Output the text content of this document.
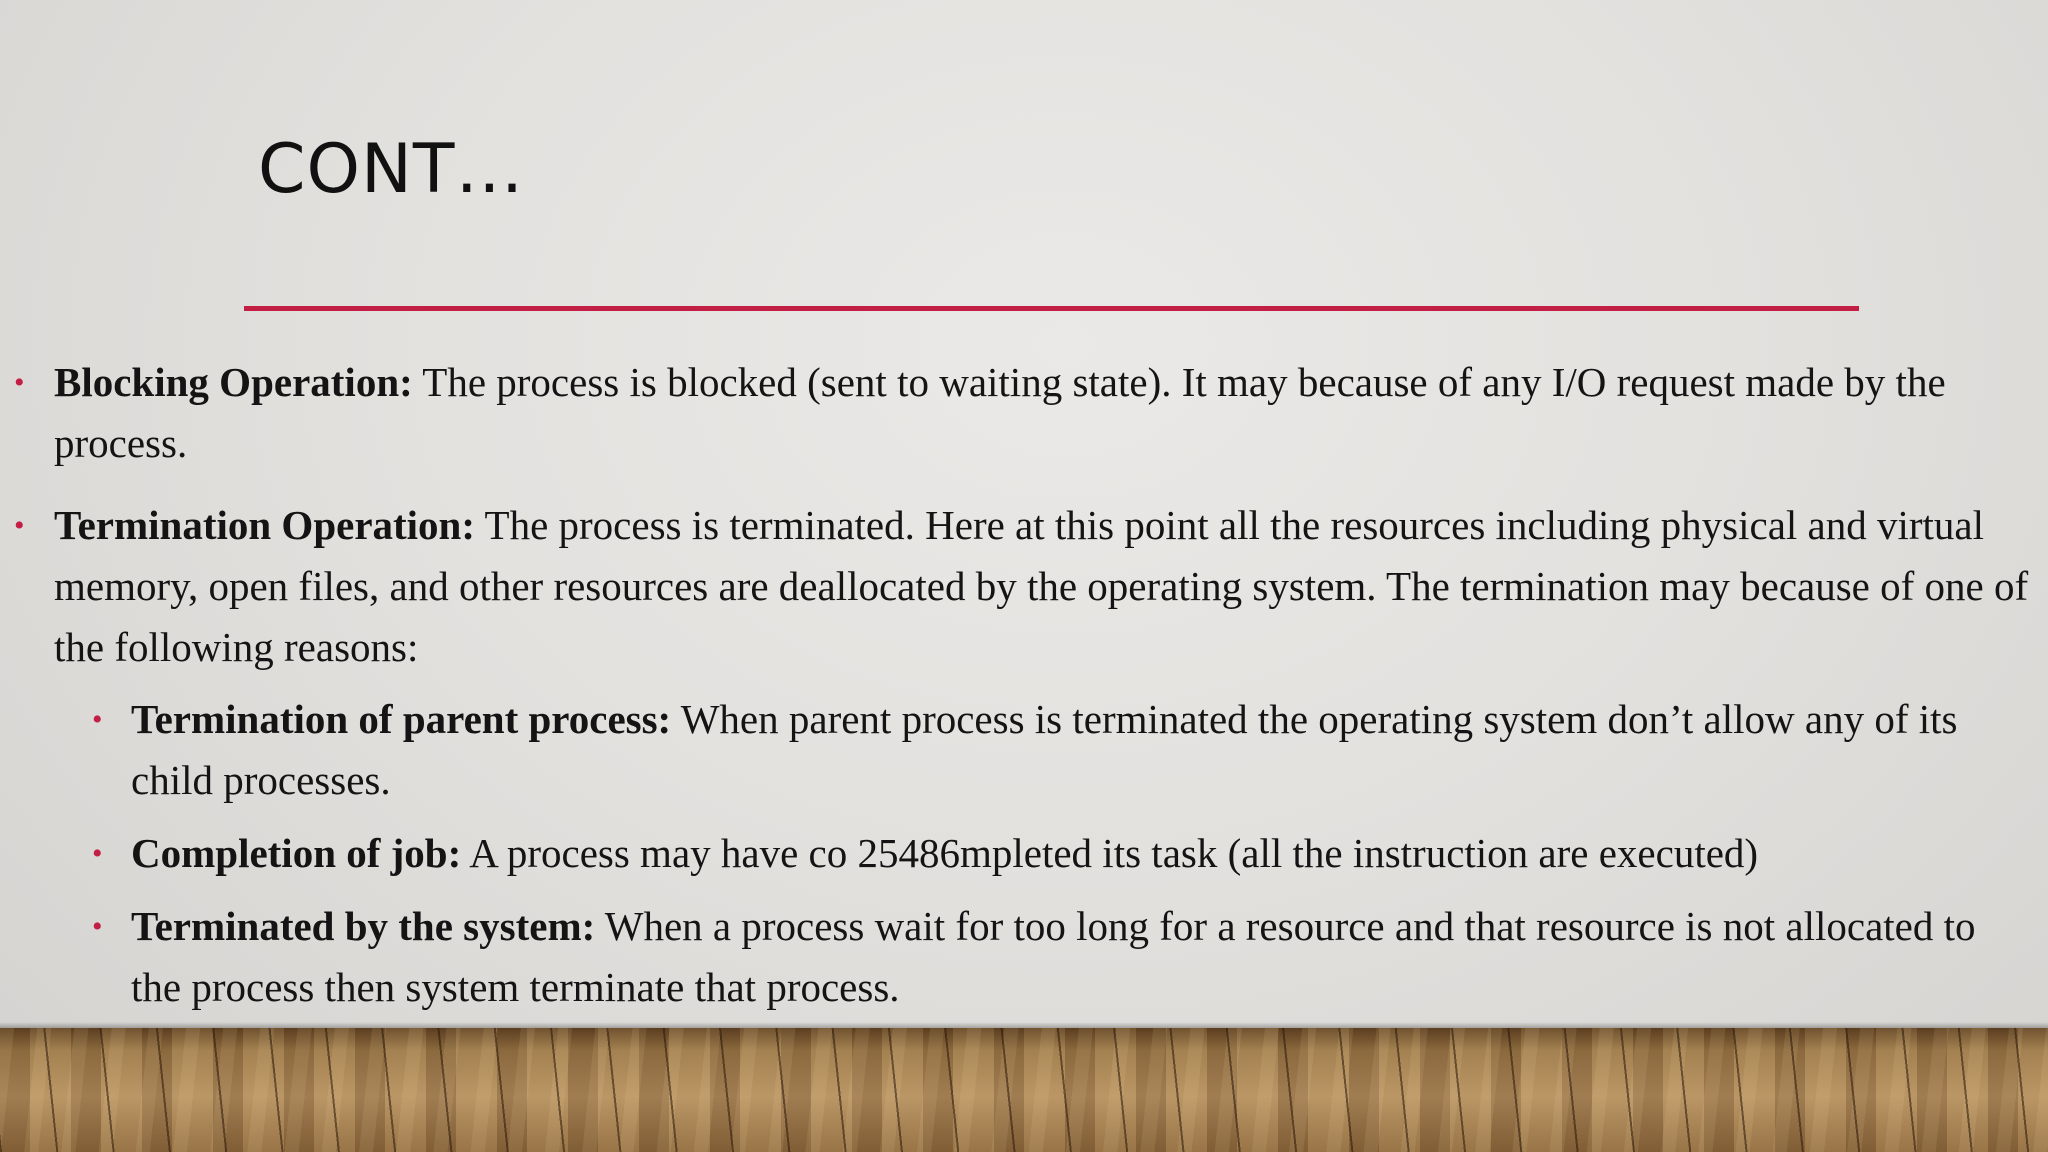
CONT…

• Blocking Operation: The process is blocked (sent to waiting state). It may because of any I/O request made by the process.

• Termination Operation: The process is terminated. Here at this point all the resources including physical and virtual memory, open files, and other resources are deallocated by the operating system. The termination may because of one of the following reasons:

• Termination of parent process: When parent process is terminated the operating system don’t allow any of its child processes.

• Completion of job: A process may have co 25486mpleted its task (all the instruction are executed)

• Terminated by the system: When a process wait for too long for a resource and that resource is not allocated to the process then system terminate that process.
